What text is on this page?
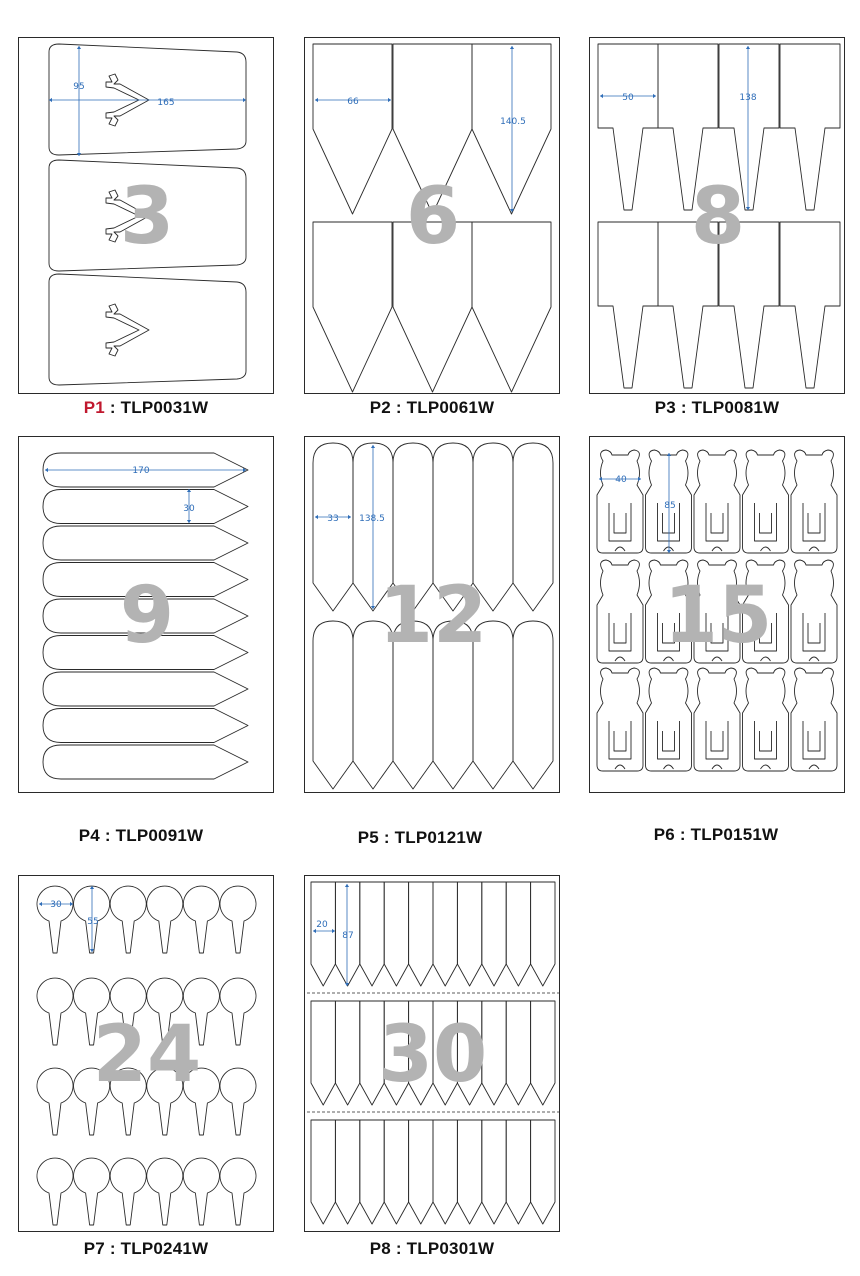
3
95
165
P1 : TLP0031W
6
66
140.5
P2 : TLP0061W
8
50	138
P3 : TLP0081W
9
170
30
P4 : TLP0091W
12
33 138.5
P5 : TLP0121W
15
40
85
P6 : TLP0151W
24
30
55
P7 : TLP0241W
30
20
87
P8 : TLP0301W
